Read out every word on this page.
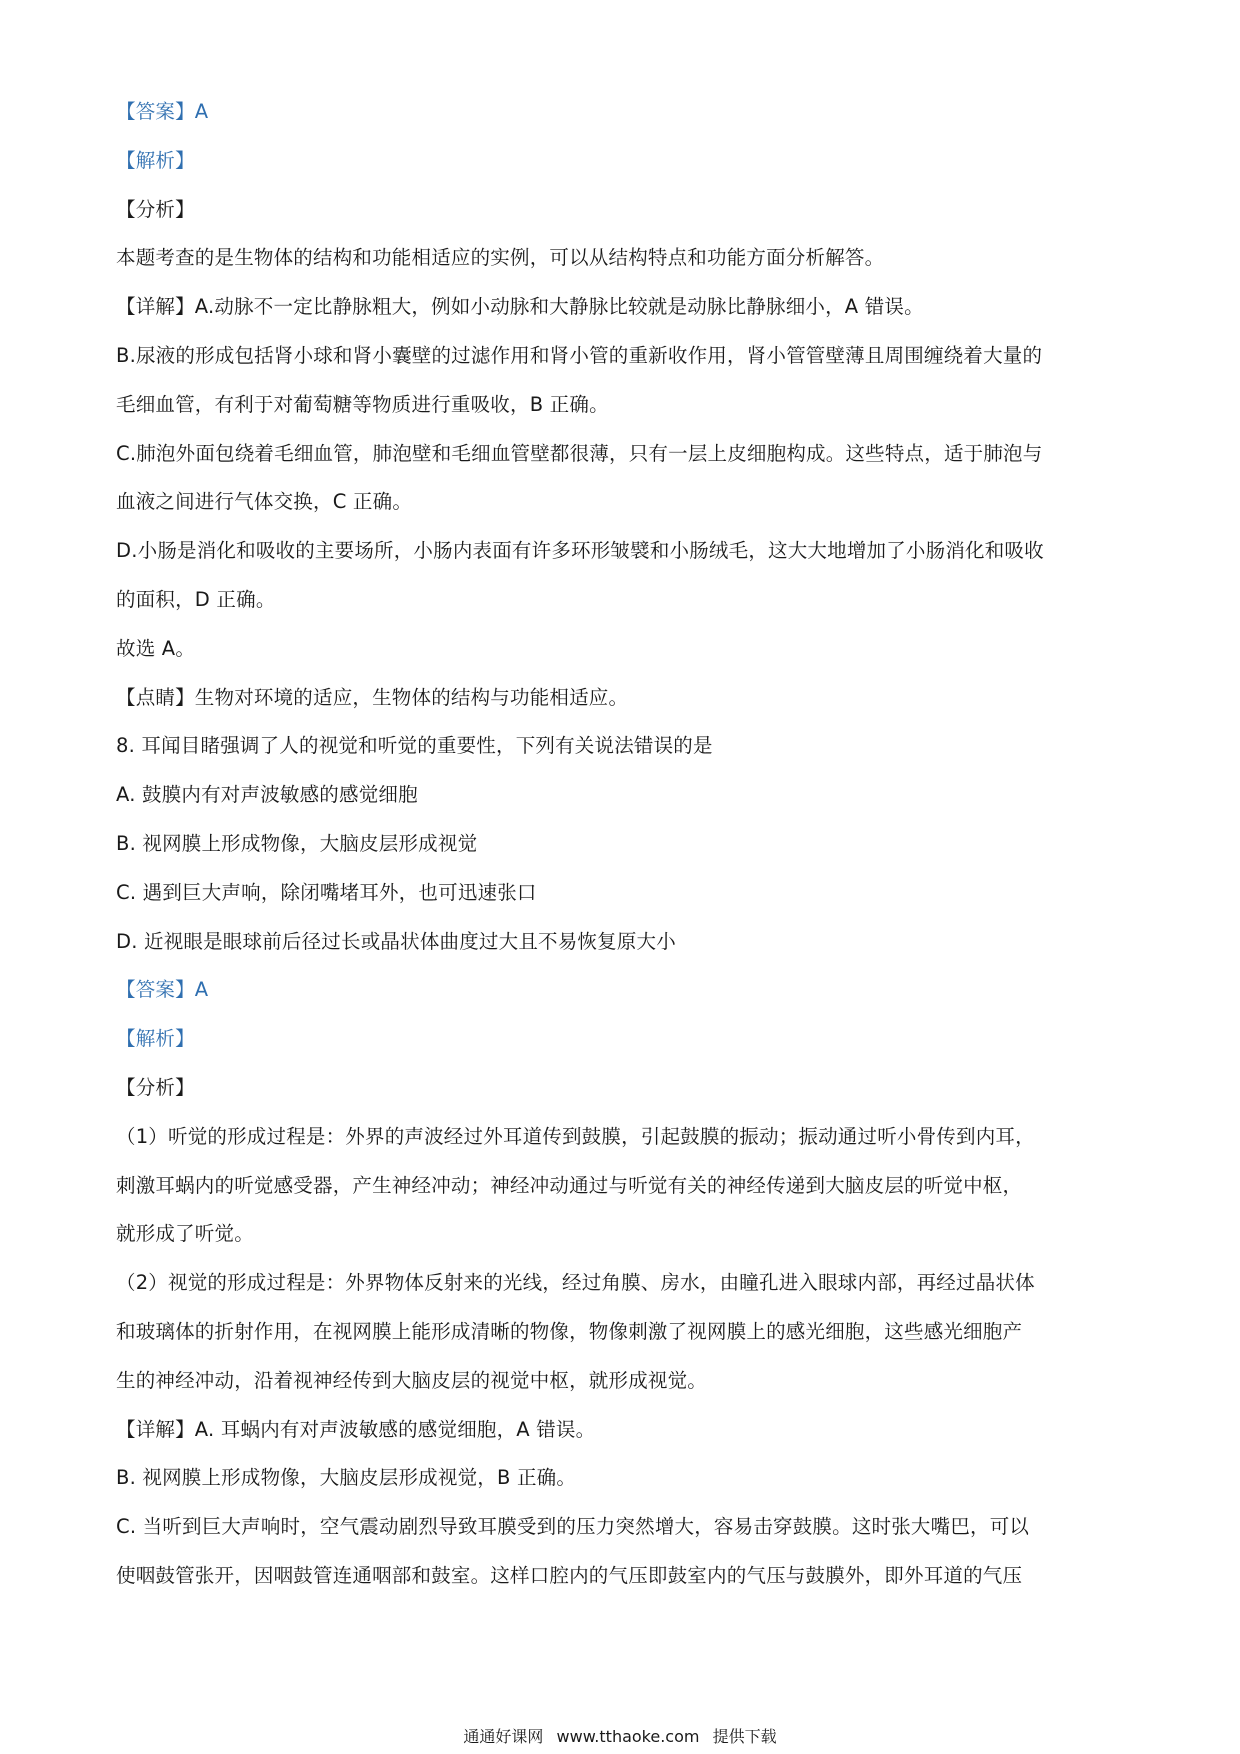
【答案】A
【解析】
【分析】
本题考查的是生物体的结构和功能相适应的实例，可以从结构特点和功能方面分析解答。
【详解】A.动脉不一定比静脉粗大，例如小动脉和大静脉比较就是动脉比静脉细小，A 错误。
B.尿液的形成包括肾小球和肾小囊壁的过滤作用和肾小管的重新收作用，肾小管管壁薄且周围缠绕着大量的
毛细血管，有利于对葡萄糖等物质进行重吸收，B 正确。
C.肺泡外面包绕着毛细血管，肺泡壁和毛细血管壁都很薄，只有一层上皮细胞构成。这些特点，适于肺泡与
血液之间进行气体交换，C 正确。
D.小肠是消化和吸收的主要场所，小肠内表面有许多环形皱襞和小肠绒毛，这大大地增加了小肠消化和吸收
的面积，D 正确。
故选 A。
【点睛】生物对环境的适应，生物体的结构与功能相适应。
8. 耳闻目睹强调了人的视觉和听觉的重要性，下列有关说法错误的是
A. 鼓膜内有对声波敏感的感觉细胞
B. 视网膜上形成物像，大脑皮层形成视觉
C. 遇到巨大声响，除闭嘴堵耳外，也可迅速张口
D. 近视眼是眼球前后径过长或晶状体曲度过大且不易恢复原大小
【答案】A
【解析】
【分析】
（1）听觉的形成过程是：外界的声波经过外耳道传到鼓膜，引起鼓膜的振动；振动通过听小骨传到内耳，
刺激耳蜗内的听觉感受器，产生神经冲动；神经冲动通过与听觉有关的神经传递到大脑皮层的听觉中枢，
就形成了听觉。
（2）视觉的形成过程是：外界物体反射来的光线，经过角膜、房水，由瞳孔进入眼球内部，再经过晶状体
和玻璃体的折射作用，在视网膜上能形成清晰的物像，物像刺激了视网膜上的感光细胞，这些感光细胞产
生的神经冲动，沿着视神经传到大脑皮层的视觉中枢，就形成视觉。
【详解】A. 耳蜗内有对声波敏感的感觉细胞，A 错误。
B. 视网膜上形成物像，大脑皮层形成视觉，B 正确。
C. 当听到巨大声响时，空气震动剧烈导致耳膜受到的压力突然增大，容易击穿鼓膜。这时张大嘴巴，可以
使咽鼓管张开，因咽鼓管连通咽部和鼓室。这样口腔内的气压即鼓室内的气压与鼓膜外，即外耳道的气压
通通好课网 www.tthaoke.com 提供下载
